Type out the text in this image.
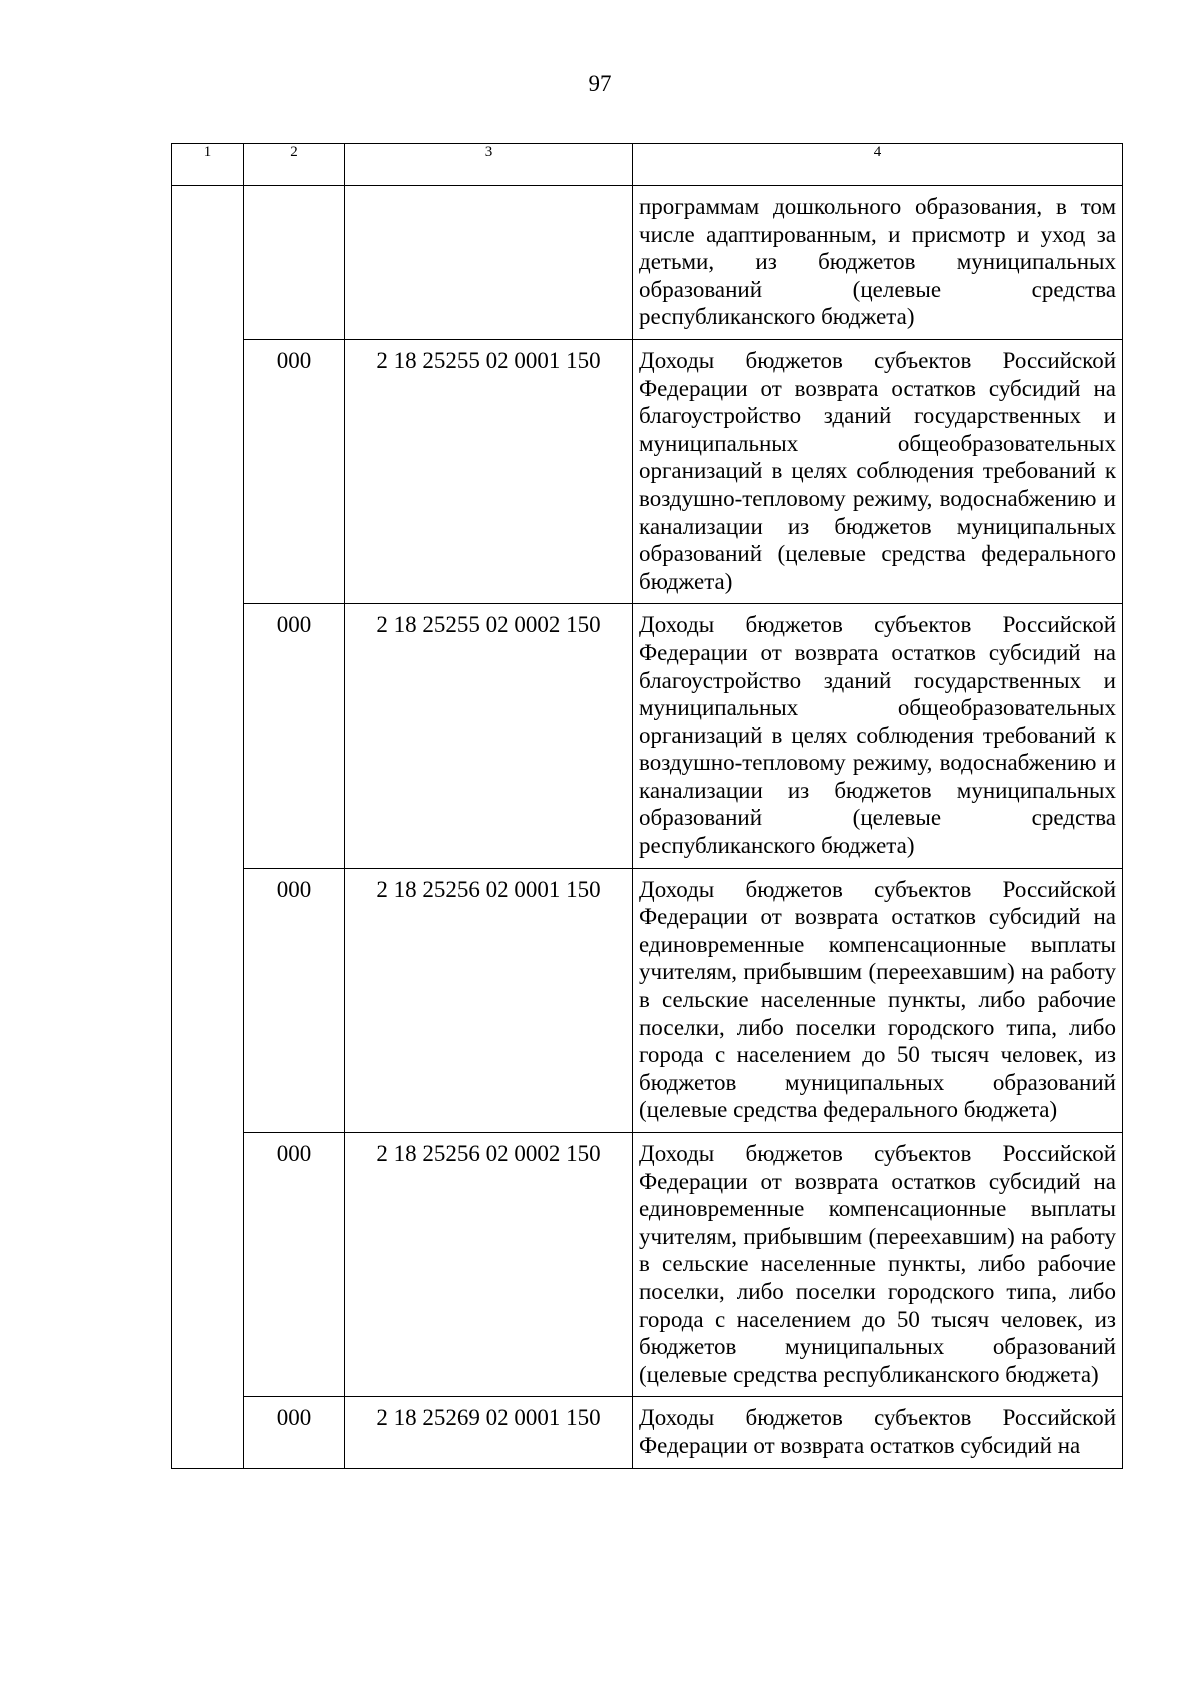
97
1	2	3	4
			программам дошкольного образования, в том числе адаптированным, и присмотр и уход за детьми, из бюджетов муниципальных образований (целевые средства республиканского бюджета)
	000	2 18 25255 02 0001 150	Доходы бюджетов субъектов Российской Федерации от возврата остатков субсидий на благоустройство зданий государственных и муниципальных общеобразовательных организаций в целях соблюдения требований к воздушно-тепловому режиму, водоснабжению и канализации из бюджетов муниципальных образований (целевые средства федерального бюджета)
	000	2 18 25255 02 0002 150	Доходы бюджетов субъектов Российской Федерации от возврата остатков субсидий на благоустройство зданий государственных и муниципальных общеобразовательных организаций в целях соблюдения требований к воздушно-тепловому режиму, водоснабжению и канализации из бюджетов муниципальных образований (целевые средства республиканского бюджета)
	000	2 18 25256 02 0001 150	Доходы бюджетов субъектов Российской Федерации от возврата остатков субсидий на единовременные компенсационные выплаты учителям, прибывшим (переехавшим) на работу в сельские населенные пункты, либо рабочие поселки, либо поселки городского типа, либо города с населением до 50 тысяч человек, из бюджетов муниципальных образований (целевые средства федерального бюджета)
	000	2 18 25256 02 0002 150	Доходы бюджетов субъектов Российской Федерации от возврата остатков субсидий на единовременные компенсационные выплаты учителям, прибывшим (переехавшим) на работу в сельские населенные пункты, либо рабочие поселки, либо поселки городского типа, либо города с населением до 50 тысяч человек, из бюджетов муниципальных образований (целевые средства республиканского бюджета)
	000	2 18 25269 02 0001 150	Доходы бюджетов субъектов Российской Федерации от возврата остатков субсидий на
